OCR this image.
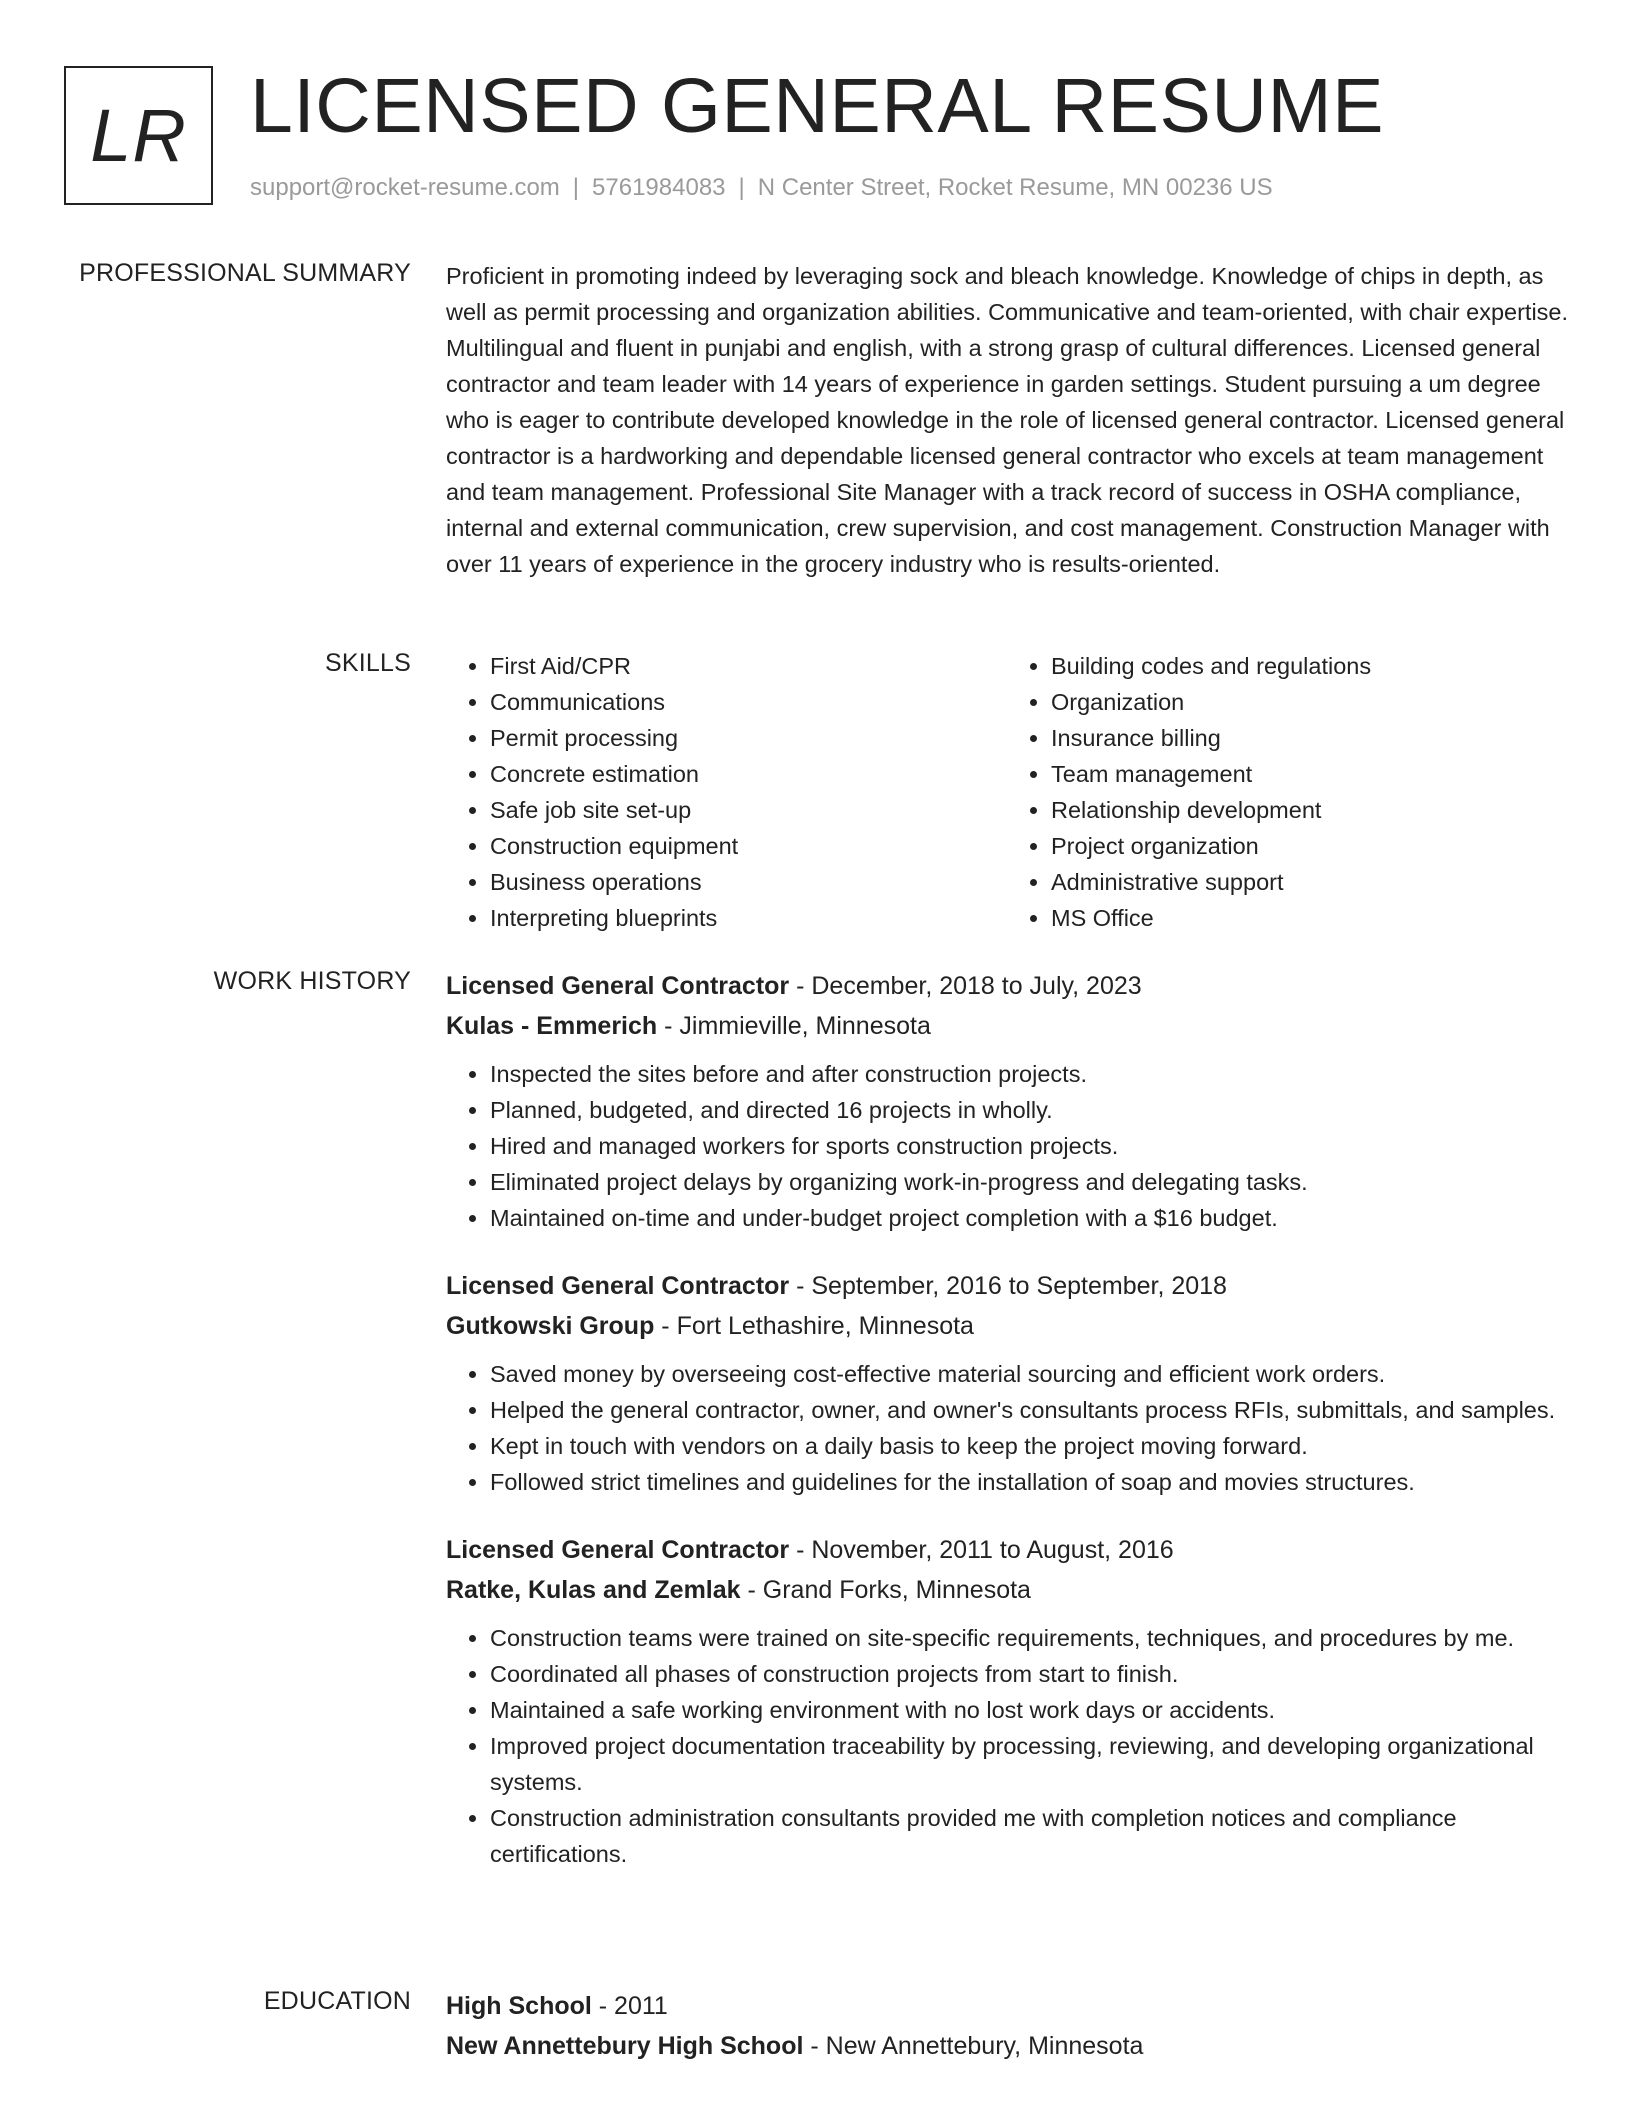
LR LICENSED GENERAL RESUME
support@rocket-resume.com | 5761984083 | N Center Street, Rocket Resume, MN 00236 US
PROFESSIONAL SUMMARY Proficient in promoting indeed by leveraging sock and bleach knowledge. Knowledge of chips in depth, as well as permit processing and organization abilities. Communicative and team-oriented, with chair expertise. Multilingual and fluent in punjabi and english, with a strong grasp of cultural differences. Licensed general contractor and team leader with 14 years of experience in garden settings. Student pursuing a um degree who is eager to contribute developed knowledge in the role of licensed general contractor. Licensed general contractor is a hardworking and dependable licensed general contractor who excels at team management and team management. Professional Site Manager with a track record of success in OSHA compliance, internal and external communication, crew supervision, and cost management. Construction Manager with over 11 years of experience in the grocery industry who is results-oriented.

SKILLS
•	First Aid/CPR
• Communications
• Permit processing
• Concrete estimation
• Safe job site set-up
• Construction equipment
• Business operations
• Interpreting blueprints
• Building codes and regulations
• Organization
• Insurance billing
• Team management
• Relationship development
• Project organization
• Administrative support
• MS Office
WORK HISTORY Licensed General Contractor - December, 2018 to July, 2023
Kulas - Emmerich - Jimmieville, Minnesota
• Inspected the sites before and after construction projects.
• Planned, budgeted, and directed 16 projects in wholly.
• Hired and managed workers for sports construction projects.
• Eliminated project delays by organizing work-in-progress and delegating tasks.
• Maintained on-time and under-budget project completion with a $16 budget.
Licensed General Contractor - September, 2016 to September, 2018
Gutkowski Group - Fort Lethashire, Minnesota
• Saved money by overseeing cost-effective material sourcing and efficient work orders.
• Helped the general contractor, owner, and owner's consultants process RFIs, submittals, and samples.
• Kept in touch with vendors on a daily basis to keep the project moving forward.
• Followed strict timelines and guidelines for the installation of soap and movies structures.
Licensed General Contractor - November, 2011 to August, 2016
Ratke, Kulas and Zemlak - Grand Forks, Minnesota
• Construction teams were trained on site-specific requirements, techniques, and procedures by me.
• Coordinated all phases of construction projects from start to finish.
• Maintained a safe working environment with no lost work days or accidents.
• Improved project documentation traceability by processing, reviewing, and developing organizational systems.
• Construction administration consultants provided me with completion notices and compliance certifications.
EDUCATION High School - 2011
New Annettebury High School - New Annettebury, Minnesota
